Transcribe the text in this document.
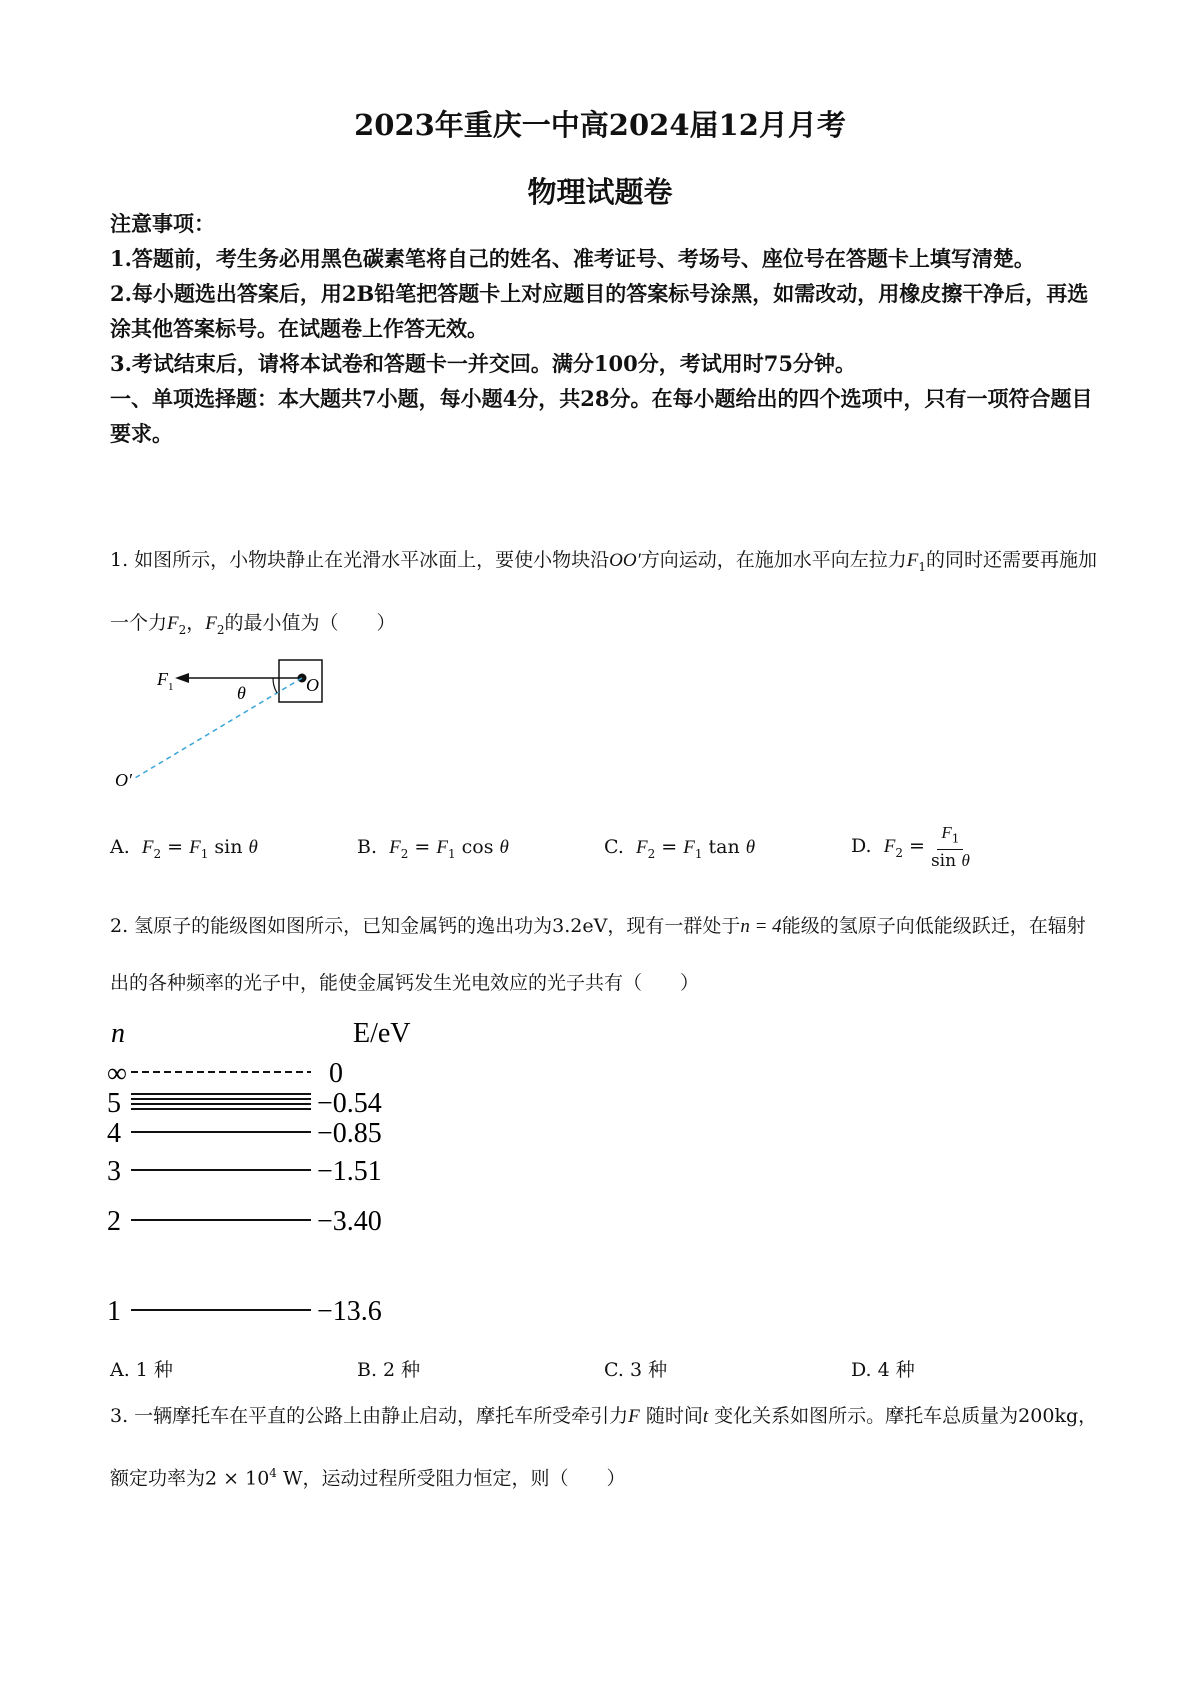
2023年重庆一中高2024届12月月考
物理试题卷

注意事项：

1.答题前，考生务必用黑色碳素笔将自己的姓名、准考证号、考场号、座位号在答题卡上填写清楚。

2.每小题选出答案后，用2B铅笔把答题卡上对应题目的答案标号涂黑，如需改动，用橡皮擦干净后，再选涂其他答案标号。在试题卷上作答无效。

3.考试结束后，请将本试卷和答题卡一并交回。满分100分，考试用时75分钟。

一、单项选择题：本大题共7小题，每小题4分，共28分。在每小题给出的四个选项中，只有一项符合题目要求。

1. 如图所示，小物块静止在光滑水平冰面上，要使小物块沿OO′方向运动，在施加水平向左拉力$F_1$的同时还需要再施加一个力$F_2$，$F_2$的最小值为（　　）

F 1	θ	O
O′
A. $F_2 = F_1$ sin θ	B. $F_2 = F_1$ cos θ	C. $F_2 = F_1$ tan θ	D. $F_2 = \frac{F_1}{\text{sin θ}}$

2. 氢原子的能级图如图所示，已知金属钙的逸出功为3.2eV，现有一群处于n = 4能级的氢原子向低能级跃迁，在辐射出的各种频率的光子中，能使金属钙发生光电效应的光子共有（　　）

n	E/eV
∞	0
5	−0.54
4	−0.85
3	−1.51
2	−3.40
1	−13.6
A. 1 种	B. 2 种	C. 3 种	D. 4 种

3. 一辆摩托车在平直的公路上由静止启动，摩托车所受牵引力F 随时间t 变化关系如图所示。摩托车总质量为200kg，额定功率为$2 \times 10^4$ W，运动过程所受阻力恒定，则（　　）
